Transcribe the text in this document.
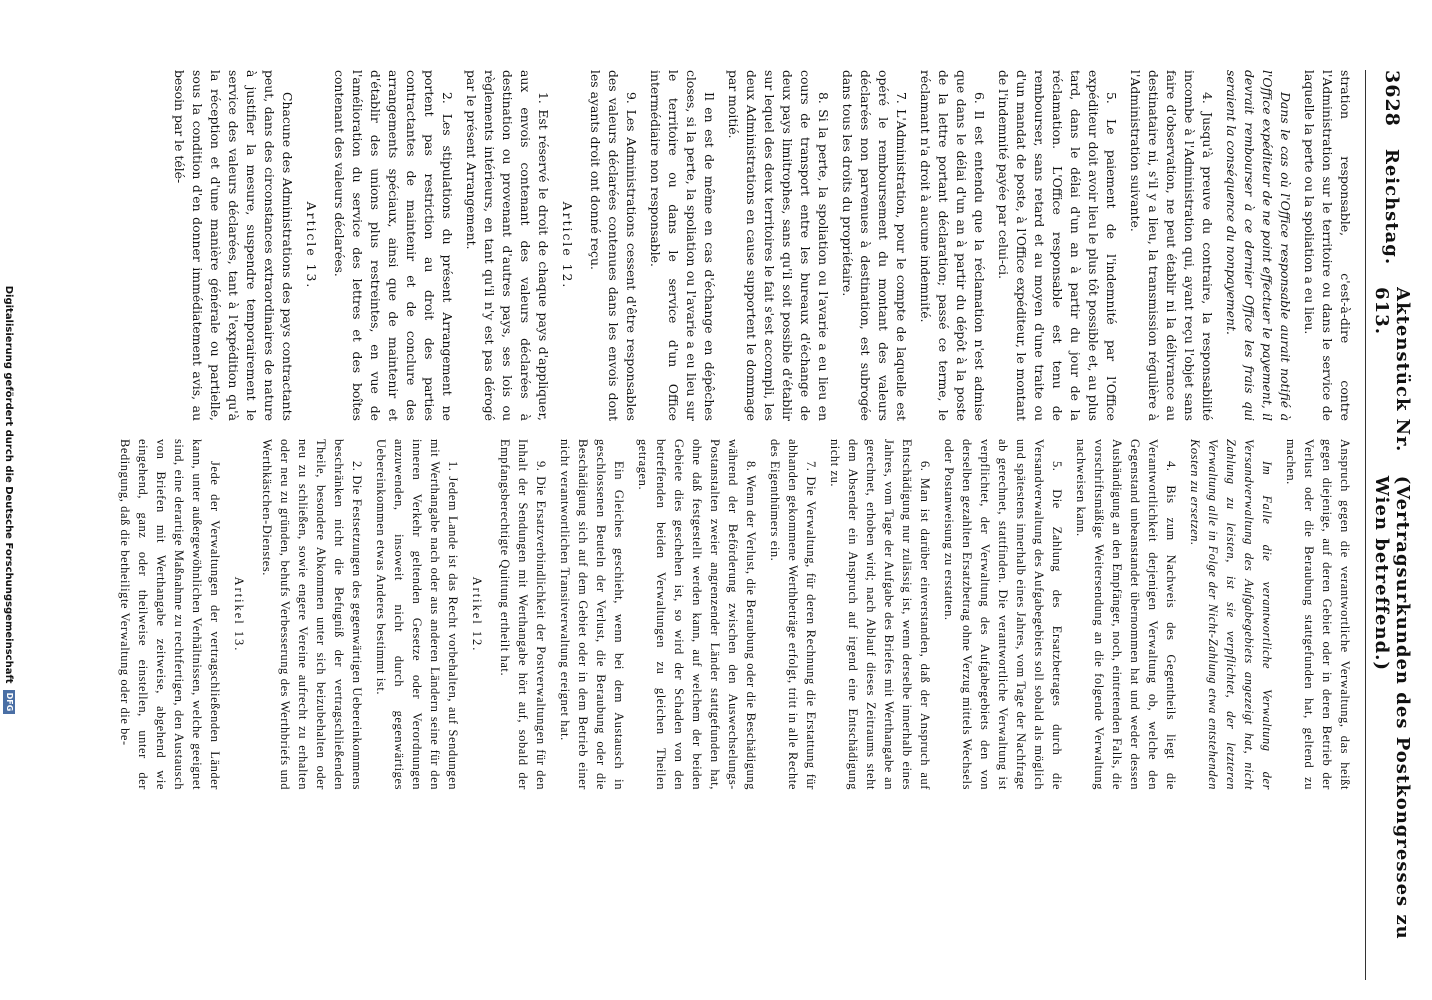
3628
Reichstag.
Aktenstück Nr. 613.
(Vertragsurkunden des Postkongresses zu Wien betreffend.)

stration responsable, c'est-à-dire contre l'Administration sur le territoire ou dans le service de laquelle la perte ou la spoliation a eu lieu.

Dans le cas où l'Office responsable aurait notifié à l'Office expéditeur de ne point effectuer le payement, il devrait rembourser à ce dernier Office les frais qui seraient la conséquence du nonpayement.

4. Jusqu'à preuve du contraire, la responsabilité incombe à l'Administration qui, ayant reçu l'objet sans faire d'observation, ne peut établir ni la délivrance au destinataire ni, s'il y a lieu, la transmission régulière à l'Administration suivante.

5. Le paiement de l'indemnité par l'Office expéditeur doit avoir lieu le plus tôt possible et, au plus tard, dans le délai d'un an à partir du jour de la réclamation. L'Office responsable est tenu de rembourser, sans retard et au moyen d'une traite ou d'un mandat de poste, à l'Office expéditeur, le montant de l'indemnité payée par celui-ci.

6. Il est entendu que la réclamation n'est admise que dans le délai d'un an à partir du dépôt à la poste de la lettre portant déclaration; passé ce terme, le réclamant n'a droit à aucune indemnité.

7. L'Administration, pour le compte de laquelle est opéré le remboursement du montant des valeurs déclarées non parvenues à destination, est subrogée dans tous les droits du propriétaire.

8. Si la perte, la spoliation ou l'avarie a eu lieu en cours de transport entre les bureaux d'échange de deux pays limitrophes, sans qu'il soit possible d'établir sur lequel des deux territoires le fait s'est accompli, les deux Administrations en cause supportent le dommage par moitié.

Il en est de même en cas d'échange en dépêches closes, si la perte, la spoliation ou l'avarie a eu lieu sur le territoire ou dans le service d'un Office intermédiaire non responsable.

9. Les Administrations cessent d'être responsables des valeurs déclarées contenues dans les envois dont les ayants droit ont donné reçu.

Article 12.

1. Est réservé le droit de chaque pays d'appliquer, aux envois contenant des valeurs déclarées à destination ou provenant d'autres pays, ses lois ou règlements intérieurs, en tant qu'il n'y est pas dérogé par le présent Arrangement.

2. Les stipulations du présent Arrangement ne portent pas restriction au droit des parties contractantes de maintenir et de conclure des arrangements spéciaux, ainsi que de maintenir et d'établir des unions plus restreintes, en vue de l'amélioration du service des lettres et des boîtes contenant des valeurs déclarées.

Article 13.

Chacune des Administrations des pays contractants peut, dans des circonstances extraordinaires de nature à justifier la mesure, suspendre temporairement le service des valeurs déclarées, tant à l'expédition qu'à la réception et d'une manière générale ou partielle, sous la condition d'en donner immédiatement avis, au besoin par le télé-

Anspruch gegen die verantwortliche Verwaltung, das heißt gegen diejenige, auf deren Gebiet oder in deren Betrieb der Verlust oder die Beraubung stattgefunden hat, geltend zu machen.

Im Falle die verantwortliche Verwaltung der Versandverwaltung des Aufgabegebiets angezeigt hat, nicht Zahlung zu leisten, ist sie verpflichtet, der letzteren Verwaltung alle in Folge der Nicht-Zahlung etwa entstehenden Kosten zu ersetzen.

4. Bis zum Nachweis des Gegentheils liegt die Verantwortlichkeit derjenigen Verwaltung ob, welche den Gegenstand unbeanstandet übernommen hat und weder dessen Aushändigung an den Empfänger, noch, eintretenden Falls, die vorschriftsmäßige Weitersendung an die folgende Verwaltung nachweisen kann.

5. Die Zahlung des Ersatzbetrages durch die Versandverwaltung des Aufgabegebiets soll sobald als möglich und spätestens innerhalb eines Jahres, vom Tage der Nachfrage ab gerechnet, stattfinden. Die verantwortliche Verwaltung ist verpflichtet, der Verwaltung des Aufgabegebiets den von derselben gezahlten Ersatzbetrag ohne Verzug mittels Wechsels oder Postanweisung zu erstatten.

6. Man ist darüber einverstanden, daß der Anspruch auf Entschädigung nur zulässig ist, wenn derselbe innerhalb eines Jahres, vom Tage der Aufgabe des Briefes mit Werthangabe an gerechnet, erhoben wird; nach Ablauf dieses Zeitraums steht dem Absender ein Anspruch auf irgend eine Entschädigung nicht zu.

7. Die Verwaltung, für deren Rechnung die Erstattung für abhanden gekommene Werthbeträge erfolgt, tritt in alle Rechte des Eigenthümers ein.

8. Wenn der Verlust, die Beraubung oder die Beschädigung während der Beförderung zwischen den Auswechselungs-Postanstalten zweier angrenzender Länder stattgefunden hat, ohne daß festgestellt werden kann, auf welchem der beiden Gebiete dies geschehen ist, so wird der Schaden von den betreffenden beiden Verwaltungen zu gleichen Theilen getragen.

Ein Gleiches geschieht, wenn bei dem Austausch in geschlossenen Beuteln der Verlust, die Beraubung oder die Beschädigung sich auf dem Gebiet oder in dem Betrieb einer nicht verantwortlichen Transitverwaltung ereignet hat.

9. Die Ersatzverbindlichkeit der Postverwaltungen für den Inhalt der Sendungen mit Werthangabe hört auf, sobald der Empfangsberechtigte Quittung ertheilt hat.

Artikel 12.

1. Jedem Lande ist das Recht vorbehalten, auf Sendungen mit Werthangabe nach oder aus anderen Ländern seine für den inneren Verkehr geltenden Gesetze oder Verordnungen anzuwenden, insoweit nicht durch gegenwärtiges Uebereinkommen etwas Anderes bestimmt ist.

2. Die Festsetzungen des gegenwärtigen Uebereinkommens beschränken nicht die Befugniß der vertragschließenden Theile, besondere Abkommen unter sich beizubehalten oder neu zu schließen, sowie engere Vereine aufrecht zu erhalten oder neu zu gründen, behufs Verbesserung des Werthbriefs und Werthkästchen-Dienstes.

Artikel 13.

Jede der Verwaltungen der vertragschließenden Länder kann, unter außergewöhnlichen Verhältnissen, welche geeignet sind, eine derartige Maßnahme zu rechtfertigen, den Austausch von Briefen mit Werthangabe zeitweise, abgehend wie eingehend, ganz oder theilweise einstellen, unter der Bedingung, daß die betheiligte Verwaltung oder die be-

Digitalisierung gefördert durch die Deutsche Forschungsgemeinschaft
DFG
